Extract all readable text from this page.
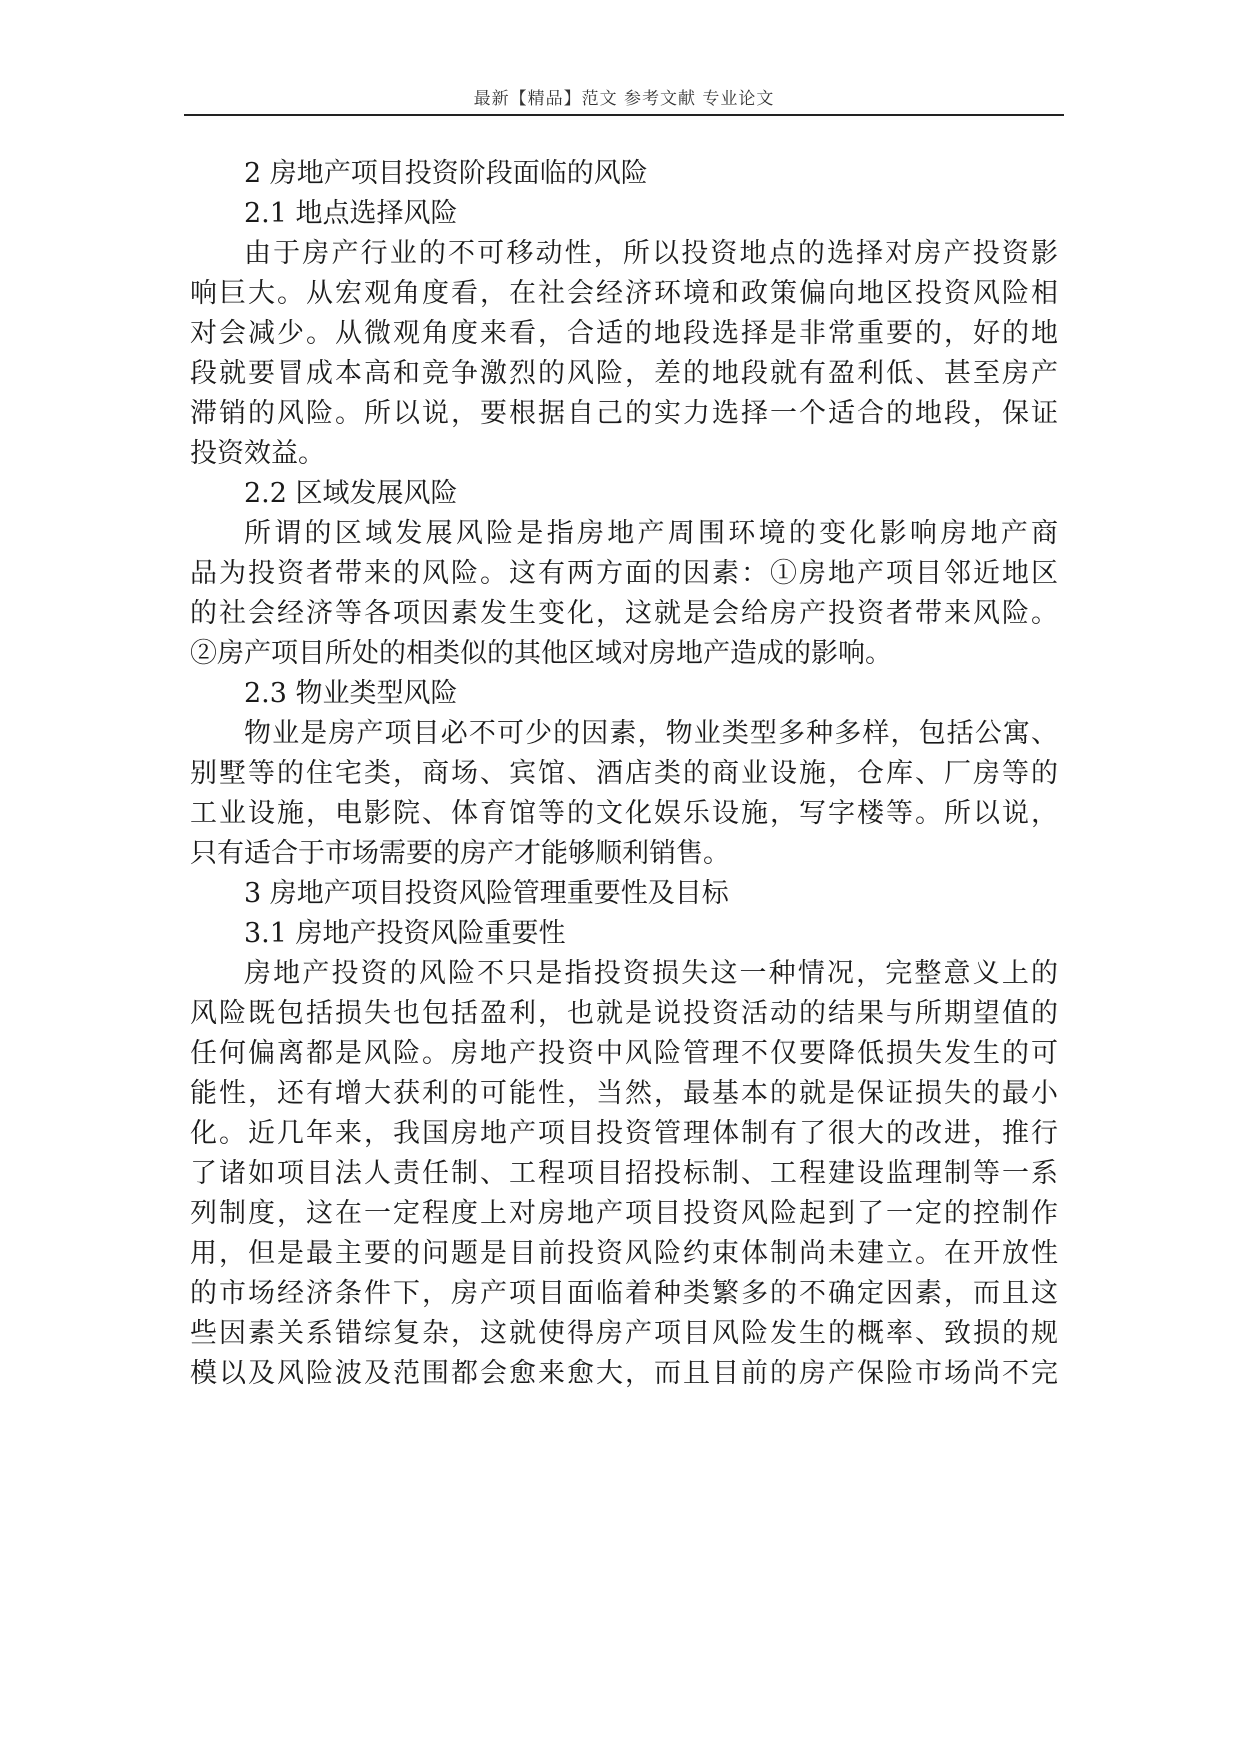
最新【精品】范文 参考文献 专业论文

2 房地产项目投资阶段面临的风险

2.1 地点选择风险

由于房产行业的不可移动性，所以投资地点的选择对房产投资影

响巨大。从宏观角度看，在社会经济环境和政策偏向地区投资风险相

对会减少。从微观角度来看，合适的地段选择是非常重要的，好的地

段就要冒成本高和竞争激烈的风险，差的地段就有盈利低、甚至房产

滞销的风险。所以说，要根据自己的实力选择一个适合的地段，保证

投资效益。

2.2 区域发展风险

所谓的区域发展风险是指房地产周围环境的变化影响房地产商

品为投资者带来的风险。这有两方面的因素：①房地产项目邻近地区

的社会经济等各项因素发生变化，这就是会给房产投资者带来风险。

②房产项目所处的相类似的其他区域对房地产造成的影响。

2.3 物业类型风险

物业是房产项目必不可少的因素，物业类型多种多样，包括公寓、

别墅等的住宅类，商场、宾馆、酒店类的商业设施，仓库、厂房等的

工业设施，电影院、体育馆等的文化娱乐设施，写字楼等。所以说，

只有适合于市场需要的房产才能够顺利销售。

3 房地产项目投资风险管理重要性及目标

3.1 房地产投资风险重要性

房地产投资的风险不只是指投资损失这一种情况，完整意义上的

风险既包括损失也包括盈利，也就是说投资活动的结果与所期望值的

任何偏离都是风险。房地产投资中风险管理不仅要降低损失发生的可

能性，还有增大获利的可能性，当然，最基本的就是保证损失的最小

化。近几年来，我国房地产项目投资管理体制有了很大的改进，推行

了诸如项目法人责任制、工程项目招投标制、工程建设监理制等一系

列制度，这在一定程度上对房地产项目投资风险起到了一定的控制作

用，但是最主要的问题是目前投资风险约束体制尚未建立。在开放性

的市场经济条件下，房产项目面临着种类繁多的不确定因素，而且这

些因素关系错综复杂，这就使得房产项目风险发生的概率、致损的规

模以及风险波及范围都会愈来愈大，而且目前的房产保险市场尚不完
